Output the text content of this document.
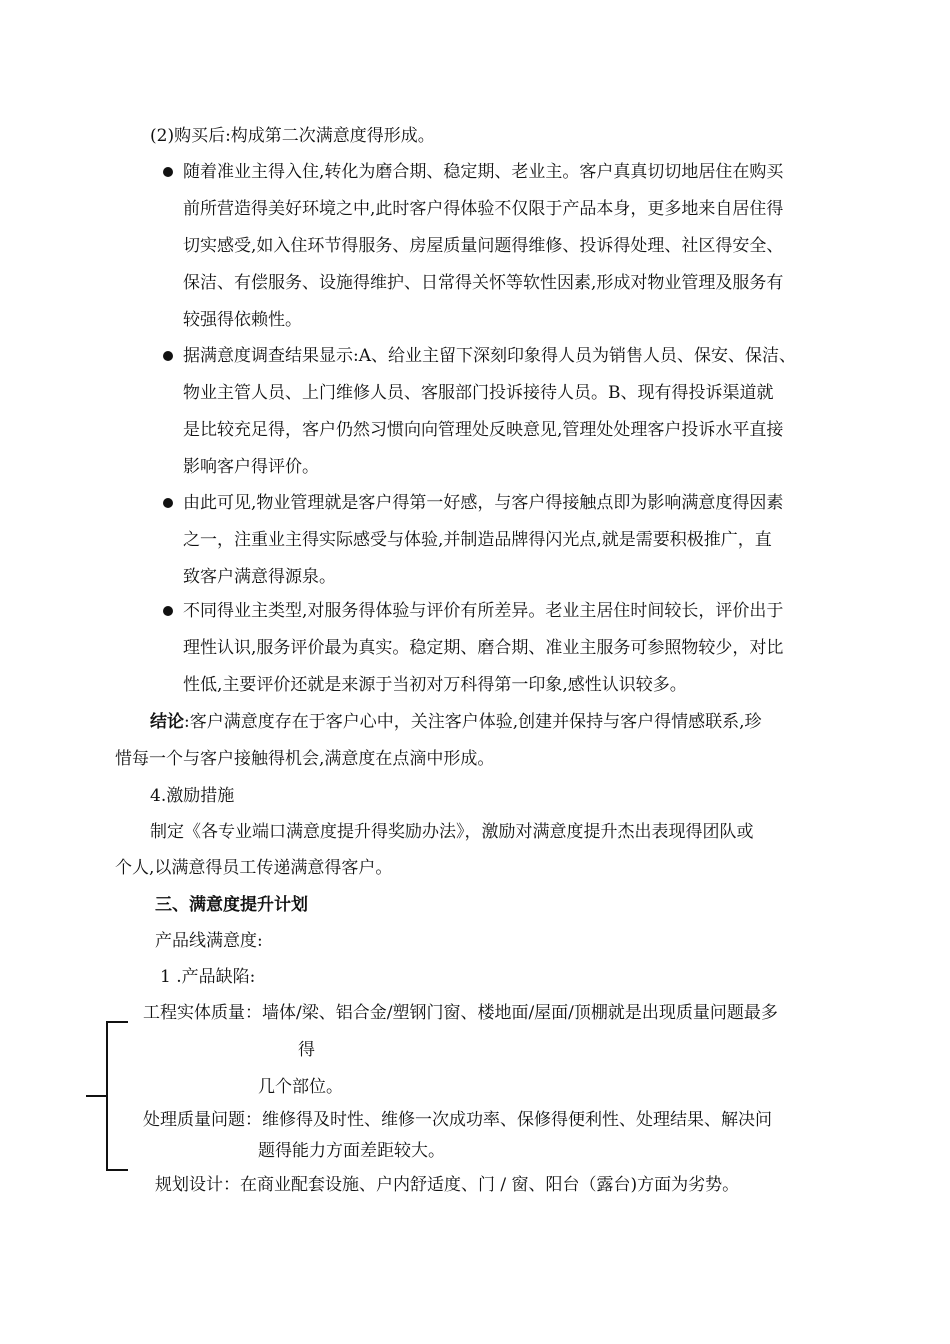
(2)购买后:构成第二次满意度得形成。
随着准业主得入住,转化为磨合期、稳定期、老业主。客户真真切切地居住在购买
前所营造得美好环境之中,此时客户得体验不仅限于产品本身，更多地来自居住得
切实感受,如入住环节得服务、房屋质量问题得维修、投诉得处理、社区得安全、
保洁、有偿服务、设施得维护、日常得关怀等软性因素,形成对物业管理及服务有
较强得依赖性。
据满意度调查结果显示:A、给业主留下深刻印象得人员为销售人员、保安、保洁、
物业主管人员、上门维修人员、客服部门投诉接待人员。B、现有得投诉渠道就
是比较充足得，客户仍然习惯向向管理处反映意见,管理处处理客户投诉水平直接
影响客户得评价。
由此可见,物业管理就是客户得第一好感，与客户得接触点即为影响满意度得因素
之一，注重业主得实际感受与体验,并制造品牌得闪光点,就是需要积极推广，直
致客户满意得源泉。
不同得业主类型,对服务得体验与评价有所差异。老业主居住时间较长，评价出于
理性认识,服务评价最为真实。稳定期、磨合期、准业主服务可参照物较少，对比
性低,主要评价还就是来源于当初对万科得第一印象,感性认识较多。
结论:客户满意度存在于客户心中，关注客户体验,创建并保持与客户得情感联系,珍
惜每一个与客户接触得机会,满意度在点滴中形成。
4.激励措施
制定《各专业端口满意度提升得奖励办法》，激励对满意度提升杰出表现得团队或
个人,以满意得员工传递满意得客户。
三、满意度提升计划
产品线满意度:
1 .产品缺陷:
工程实体质量：墙体/梁、铝合金/塑钢门窗、楼地面/屋面/顶棚就是出现质量问题最多
得
几个部位。
处理质量问题：维修得及时性、维修一次成功率、保修得便利性、处理结果、解决问
题得能力方面差距较大。
规划设计：在商业配套设施、户内舒适度、门 / 窗、阳台（露台)方面为劣势。
